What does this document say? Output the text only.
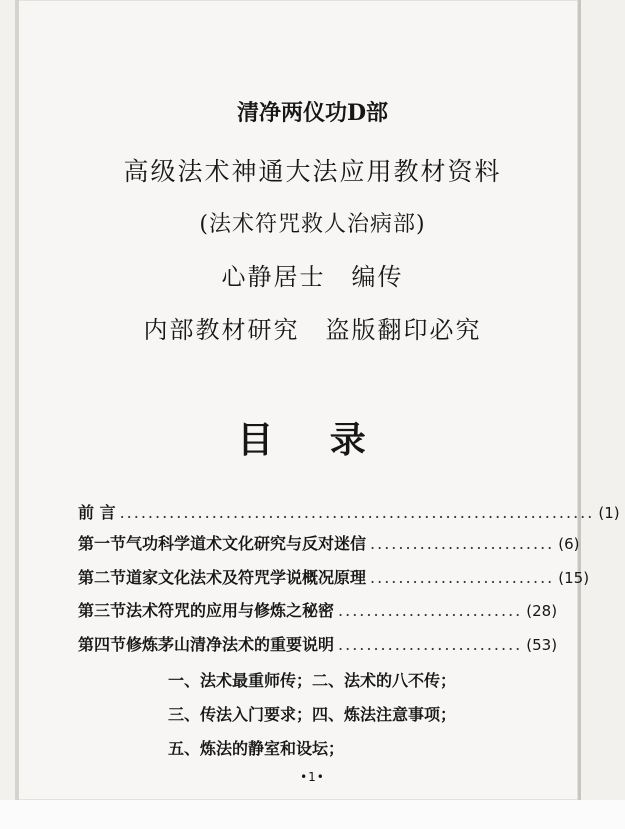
清净两仪功D部
高级法术神通大法应用教材资料
(法术符咒救人治病部)
心静居士　编传
内部教材研究　盗版翻印必究
目 录
前 言 ................................................................... (1)
第一节 气功科学道术文化研究与反对迷信 .......................... (6)
第二节 道家文化法术及符咒学说概况原理 .......................... (15)
第三节 法术符咒的应用与修炼之秘密 .......................... (28)
第四节 修炼茅山清净法术的重要说明 .......................... (53)
一、法术最重师传；二、法术的八不传；
三、传法入门要求；四、炼法注意事项；
五、炼法的静室和设坛；
•1•
